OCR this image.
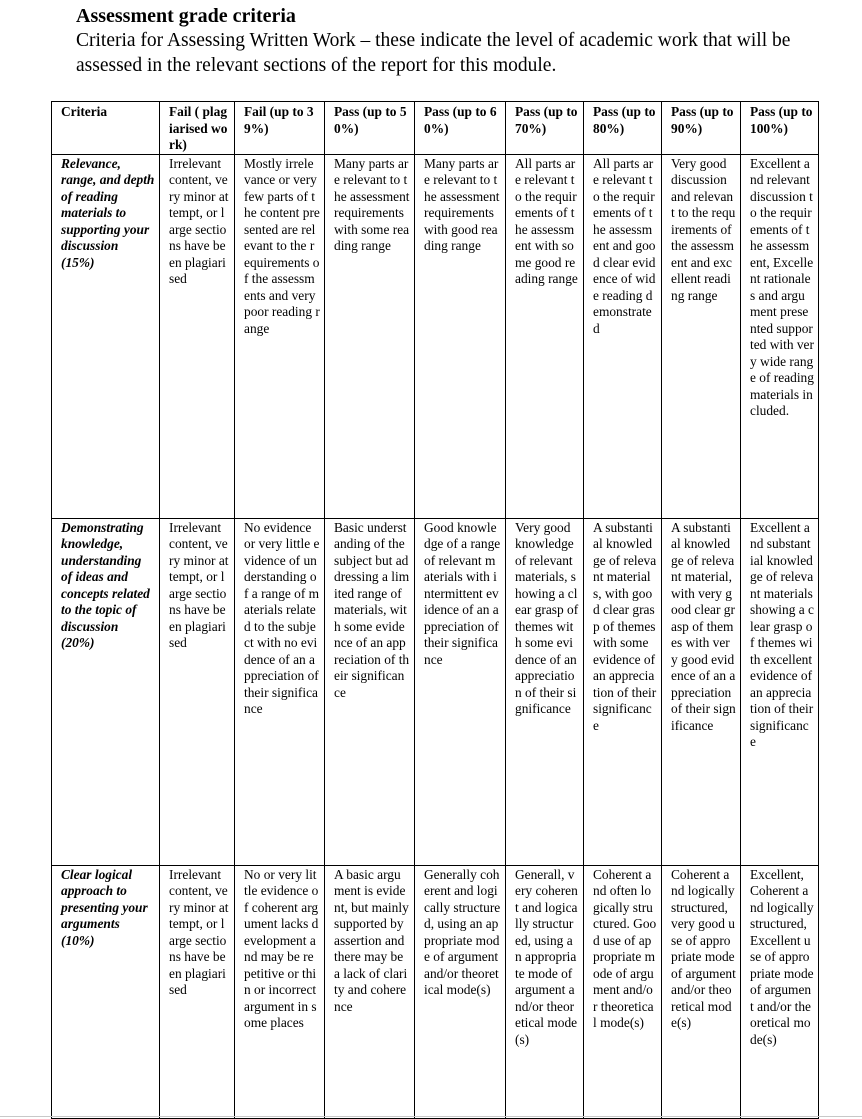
Assessment grade criteria

Criteria for Assessing Written Work – these indicate the level of academic work that will be assessed in the relevant sections of the report for this module.

Criteria	Fail ( plagiarised work)	Fail (up to 39%)	Pass (up to 50%)	Pass (up to 60%)	Pass (up to 70%)	Pass (up to 80%)	Pass (up to 90%)	Pass (up to 100%)
Relevance, range, and depth of reading materials to supporting your discussion (15%)	Irrelevant content, very minor attempt, or large sections have been plagiarised	Mostly irrelevance or very few parts of the content presented are relevant to the requirements of the assessments and very poor reading range	Many parts are relevant to the assessment requirements with some reading range	Many parts are relevant to the assessment requirements with good reading range	All parts are relevant to the requirements of the assessment with some good reading range	All parts are relevant to the requirements of the assessment and good clear evidence of wide reading demonstrated	Very good discussion and relevant to the requirements of the assessment and excellent reading range	Excellent and relevant discussion to the requirements of the assessment, Excellent rationales and argument presented supported with very wide range of reading materials included.
Demonstrating knowledge, understanding of ideas and concepts related to the topic of discussion (20%)	Irrelevant content, very minor attempt, or large sections have been plagiarised	No evidence or very little evidence of understanding of a range of materials related to the subject with no evidence of an appreciation of their significance	Basic understanding of the subject but addressing a limited range of materials, with some evidence of an appreciation of their significance	Good knowledge of a range of relevant materials with intermittent evidence of an appreciation of their significance	Very good knowledge of relevant materials, showing a clear grasp of themes with some evidence of an appreciation of their significance	A substantial knowledge of relevant materials, with good clear grasp of themes with some evidence of an appreciation of their significance	A substantial knowledge of relevant material, with very good clear grasp of themes with very good evidence of an appreciation of their significance	Excellent and substantial knowledge of relevant materials showing a clear grasp of themes with excellent evidence of an appreciation of their significance
Clear logical approach to presenting your arguments (10%)	Irrelevant content, very minor attempt, or large sections have been plagiarised	No or very little evidence of coherent argument lacks development and may be repetitive or thin or incorrect argument in some places	A basic argument is evident, but mainly supported by assertion and there may be a lack of clarity and coherence	Generally coherent and logically structured, using an appropriate mode of argument and/or theoretical mode(s)	Generall, very coherent and logically structured, using an appropriate mode of argument and/or theoretical mode(s)	Coherent and often logically structured. Good use of appropriate mode of argument and/or theoretical mode(s)	Coherent and logically structured, very good use of appropriate mode of argument and/or theoretical mode(s)	Excellent, Coherent and logically structured, Excellent use of appropriate mode of argument and/or theoretical mode(s)
